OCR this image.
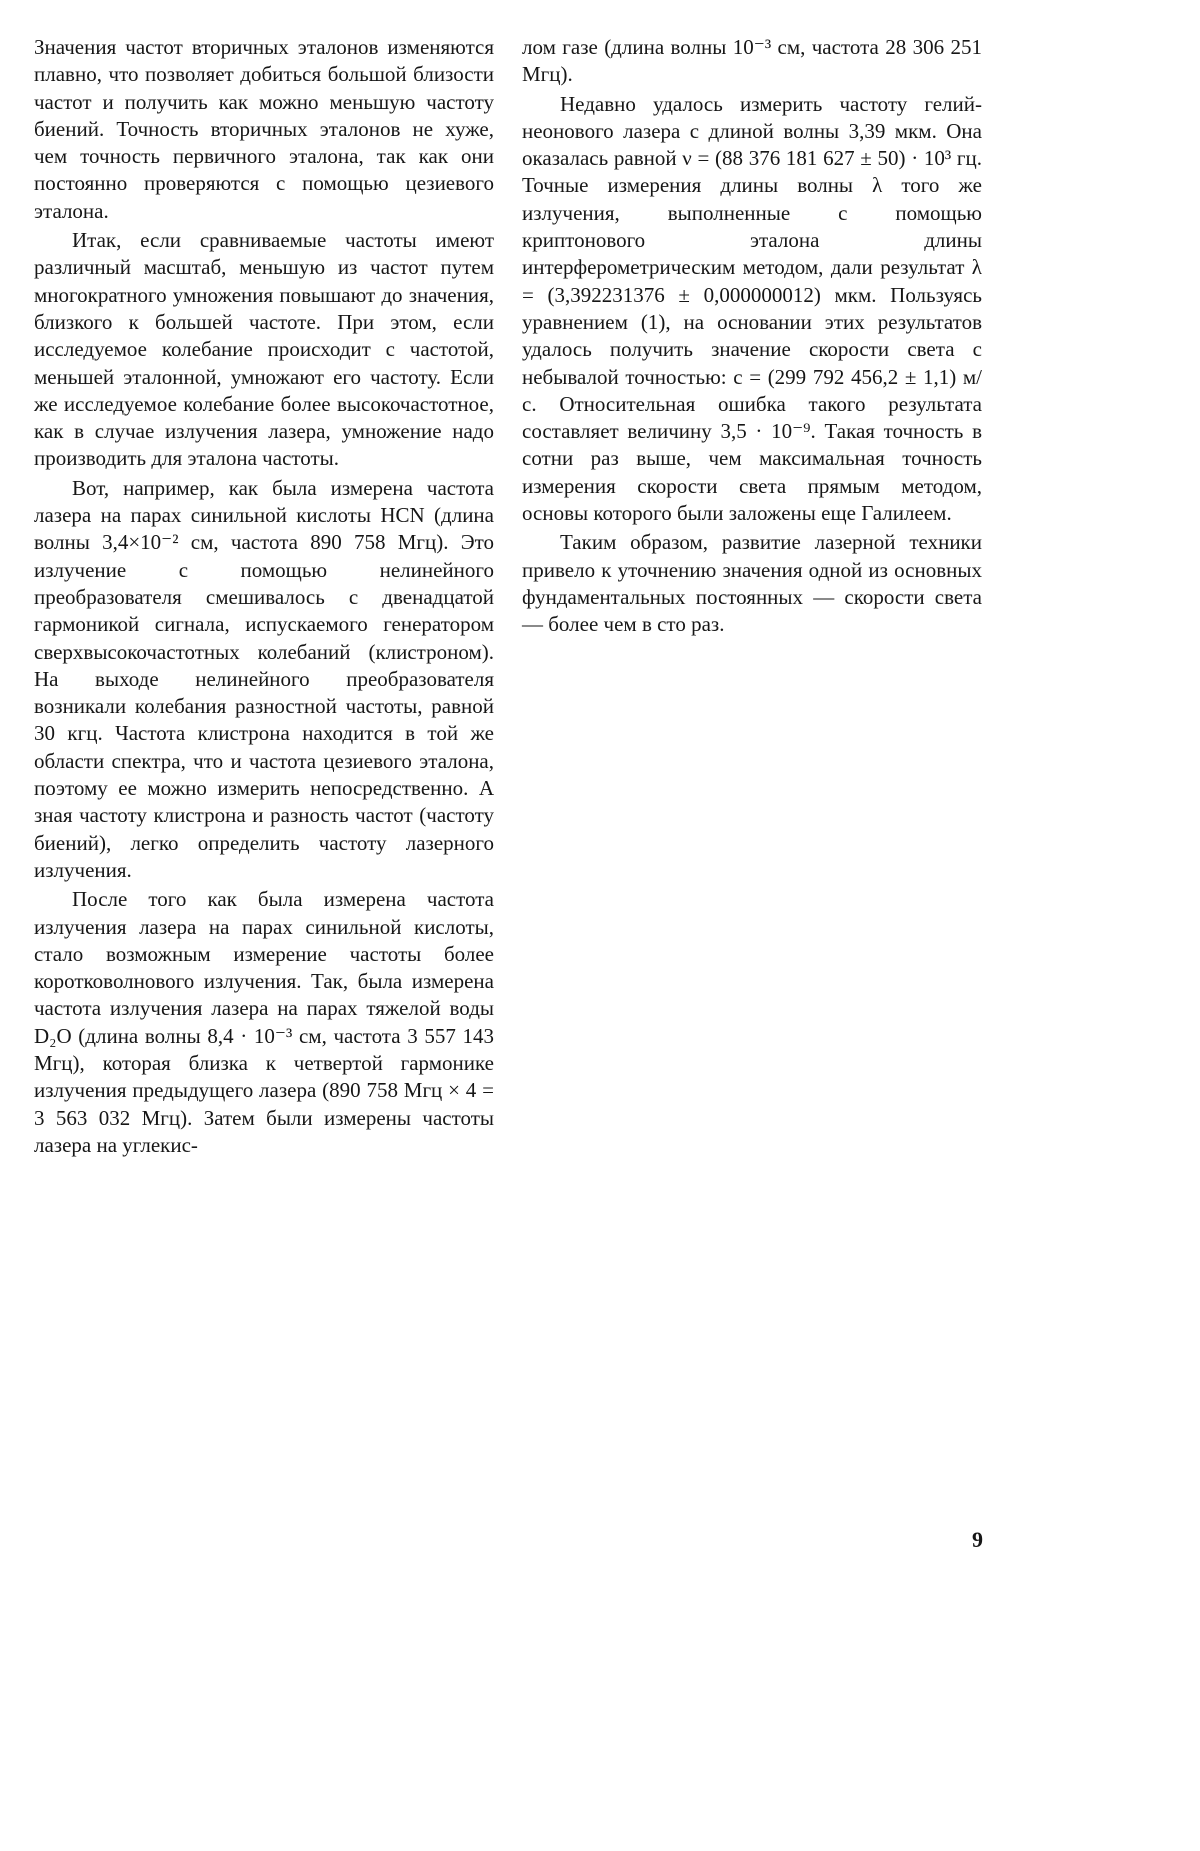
Значения частот вторичных эталонов изменяются плавно, что позволяет добиться большой близости частот и получить как можно меньшую частоту биений. Точность вторичных эталонов не хуже, чем точность первичного эталона, так как они постоянно проверяются с помощью цезиевого эталона.

Итак, если сравниваемые частоты имеют различный масштаб, меньшую из частот путем многократного умножения повышают до значения, близкого к большей частоте. При этом, если исследуемое колебание происходит с частотой, меньшей эталонной, умножают его частоту. Если же исследуемое колебание более высокочастотное, как в случае излучения лазера, умножение надо производить для эталона частоты.

Вот, например, как была измерена частота лазера на парах синильной кислоты HCN (длина волны 3,4×10⁻² см, частота 890 758 Мгц). Это излучение с помощью нелинейного преобразователя смешивалось с двенадцатой гармоникой сигнала, испускаемого генератором сверхвысокочастотных колебаний (клистроном). На выходе нелинейного преобразователя возникали колебания разностной частоты, равной 30 кгц. Частота клистрона находится в той же области спектра, что и частота цезиевого эталона, поэтому ее можно измерить непосредственно. А зная частоту клистрона и разность частот (частоту биений), легко определить частоту лазерного излучения.

После того как была измерена частота излучения лазера на парах синильной кислоты, стало возможным измерение частоты более коротковолнового излучения. Так, была измерена частота излучения лазера на парах тяжелой воды D₂O (длина волны 8,4 · 10⁻³ см, частота 3 557 143 Мгц), которая близка к четвертой гармонике излучения предыдущего лазера (890 758 Мгц × 4 = 3 563 032 Мгц). Затем были измерены частоты лазера на углекис-

лом газе (длина волны 10⁻³ см, частота 28 306 251 Мгц).

Недавно удалось измерить частоту гелий-неонового лазера с длиной волны 3,39 мкм. Она оказалась равной ν = (88 376 181 627 ± 50) · 10³ гц. Точные измерения длины волны λ того же излучения, выполненные с помощью криптонового эталона длины интерферометрическим методом, дали результат λ = (3,392231376 ± 0,000000012) мкм. Пользуясь уравнением (1), на основании этих результатов удалось получить значение скорости света с небывалой точностью: c = (299 792 456,2 ± 1,1) м/с. Относительная ошибка такого результата составляет величину 3,5 · 10⁻⁹. Такая точность в сотни раз выше, чем максимальная точность измерения скорости света прямым методом, основы которого были заложены еще Галилеем.

Таким образом, развитие лазерной техники привело к уточнению значения одной из основных фундаментальных постоянных — скорости света — более чем в сто раз.

9
